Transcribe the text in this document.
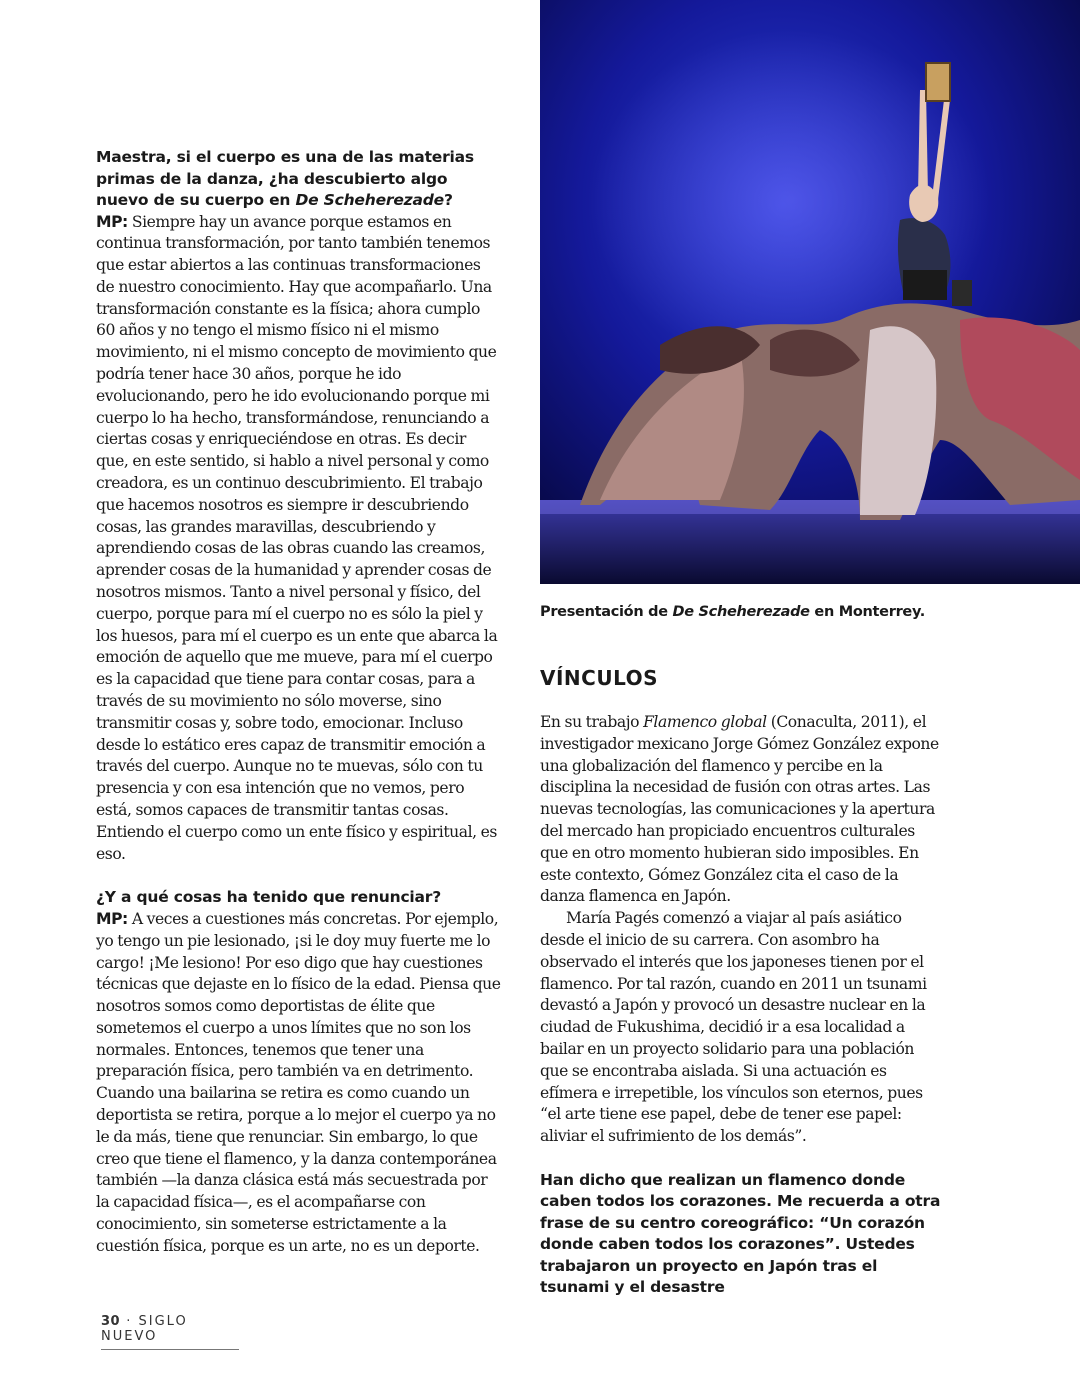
Maestra, si el cuerpo es una de las materias primas de la danza, ¿ha descubierto algo nuevo de su cuerpo en De Scheherezade?

MP: Siempre hay un avance porque estamos en continua transformación, por tanto también tenemos que estar abiertos a las continuas transformaciones de nuestro conocimiento. Hay que acompañarlo. Una transformación constante es la física; ahora cumplo 60 años y no tengo el mismo físico ni el mismo movimiento, ni el mismo concepto de movimiento que podría tener hace 30 años, porque he ido evolucionando, pero he ido evolucionando porque mi cuerpo lo ha hecho, transformándose, renunciando a ciertas cosas y enriqueciéndose en otras. Es decir que, en este sentido, si hablo a nivel personal y como creadora, es un continuo descubrimiento. El trabajo que hacemos nosotros es siempre ir descubriendo cosas, las grandes maravillas, descubriendo y aprendiendo cosas de las obras cuando las creamos, aprender cosas de la humanidad y aprender cosas de nosotros mismos. Tanto a nivel personal y físico, del cuerpo, porque para mí el cuerpo no es sólo la piel y los huesos, para mí el cuerpo es un ente que abarca la emoción de aquello que me mueve, para mí el cuerpo es la capacidad que tiene para contar cosas, para a través de su movimiento no sólo moverse, sino transmitir cosas y, sobre todo, emocionar. Incluso desde lo estático eres capaz de transmitir emoción a través del cuerpo. Aunque no te muevas, sólo con tu presencia y con esa intención que no vemos, pero está, somos capaces de transmitir tantas cosas. Entiendo el cuerpo como un ente físico y espiritual, es eso.

¿Y a qué cosas ha tenido que renunciar?

MP: A veces a cuestiones más concretas. Por ejemplo, yo tengo un pie lesionado, ¡si le doy muy fuerte me lo cargo! ¡Me lesiono! Por eso digo que hay cuestiones técnicas que dejaste en lo físico de la edad. Piensa que nosotros somos como deportistas de élite que sometemos el cuerpo a unos límites que no son los normales. Entonces, tenemos que tener una preparación física, pero también va en detrimento. Cuando una bailarina se retira es como cuando un deportista se retira, porque a lo mejor el cuerpo ya no le da más, tiene que renunciar. Sin embargo, lo que creo que tiene el flamenco, y la danza contemporánea también —la danza clásica está más secuestrada por la capacidad física—, es el acompañarse con conocimiento, sin someterse estrictamente a la cuestión física, porque es un arte, no es un deporte.

Presentación de De Scheherezade en Monterrey.
VÍNCULOS

En su trabajo Flamenco global (Conaculta, 2011), el investigador mexicano Jorge Gómez González expone una globalización del flamenco y percibe en la disciplina la necesidad de fusión con otras artes. Las nuevas tecnologías, las comunicaciones y la apertura del mercado han propiciado encuentros culturales que en otro momento hubieran sido imposibles. En este contexto, Gómez González cita el caso de la danza flamenca en Japón.

María Pagés comenzó a viajar al país asiático desde el inicio de su carrera. Con asombro ha observado el interés que los japoneses tienen por el flamenco. Por tal razón, cuando en 2011 un tsunami devastó a Japón y provocó un desastre nuclear en la ciudad de Fukushima, decidió ir a esa localidad a bailar en un proyecto solidario para una población que se encontraba aislada. Si una actuación es efímera e irrepetible, los vínculos son eternos, pues “el arte tiene ese papel, debe de tener ese papel: aliviar el sufrimiento de los demás”.

Han dicho que realizan un flamenco donde caben todos los corazones. Me recuerda a otra frase de su centro coreográfico: “Un corazón donde caben todos los corazones”. Ustedes trabajaron un proyecto en Japón tras el tsunami y el desastre

30 · SIGLO NUEVO
